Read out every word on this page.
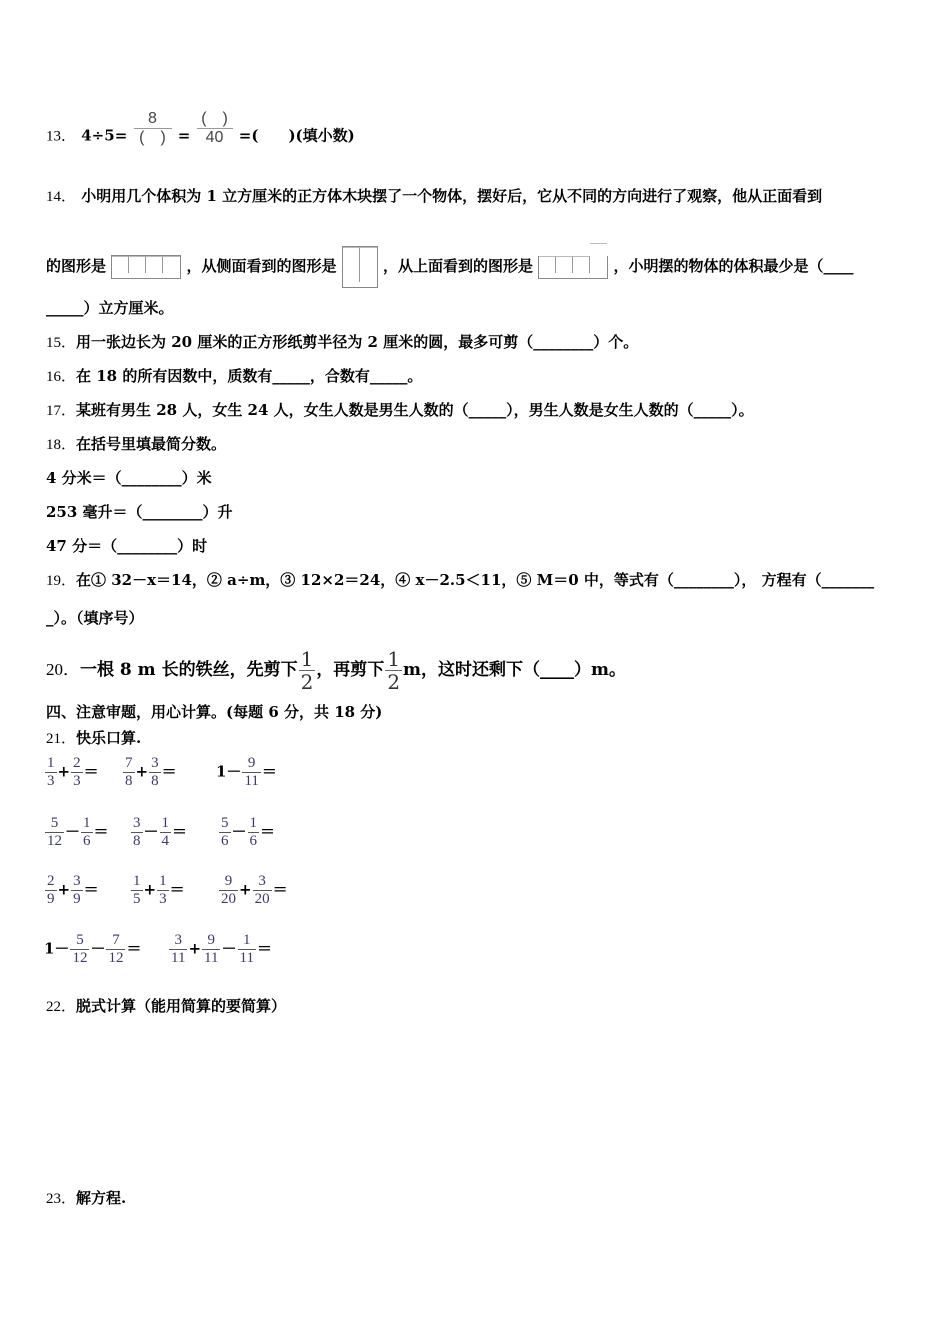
13． $4\div 5= \frac{8}{( )} = \frac{( )}{40}$ =(　　)(填小数)
14． 小明用几个体积为 1 立方厘米的正方体木块摆了一个物体，摆好后，它从不同的方向进行了观察，他从正面看到
的图形是	，从侧面看到的图形是	，从上面看到的图形是	，小明摆的物体的体积最少是（____
_____）立方厘米。
15．用一张边长为 20 厘米的正方形纸剪半径为 2 厘米的圆，最多可剪（________）个。
16．在 18 的所有因数中，质数有_____，合数有_____。
17．某班有男生 28 人，女生 24 人，女生人数是男生人数的（_____），男生人数是女生人数的（_____）。
18．在括号里填最简分数。
4 分米＝（________）米
253 毫升＝（________）升
47 分＝（________）时
19．在① 32－x＝14，② a÷m，③ 12×2＝24，④ x－2.5＜11，⑤ M＝0 中，等式有（________）， 方程有（_______
_）。（填序号）
20．一根 8 m 长的铁丝，先剪下 $\frac{1}{2}$ ，再剪下 $\frac{1}{2}$ m，这时还剩下（____）m。
四、注意审题，用心计算。(每题 6 分，共 18 分)
21．快乐口算.
$\frac{1}{3} + \frac{2}{3} = \frac{7}{8} + \frac{3}{8}$ ＝	$1- \frac{9}{11}$ ＝
$\frac{5}{12} - \frac{1}{6} = \frac{3}{8} - \frac{1}{4} = \frac{5}{6} - \frac{1}{6}$ ＝
$\frac{2}{9} + \frac{3}{9} = \frac{1}{5} + \frac{1}{3} = \frac{9}{20} + \frac{3}{20}$ ＝
$1- \frac{5}{12} - \frac{7}{12} = \frac{3}{11} + \frac{9}{11} - \frac{1}{11}$ ＝
22．脱式计算（能用简算的要简算）
23．解方程.
